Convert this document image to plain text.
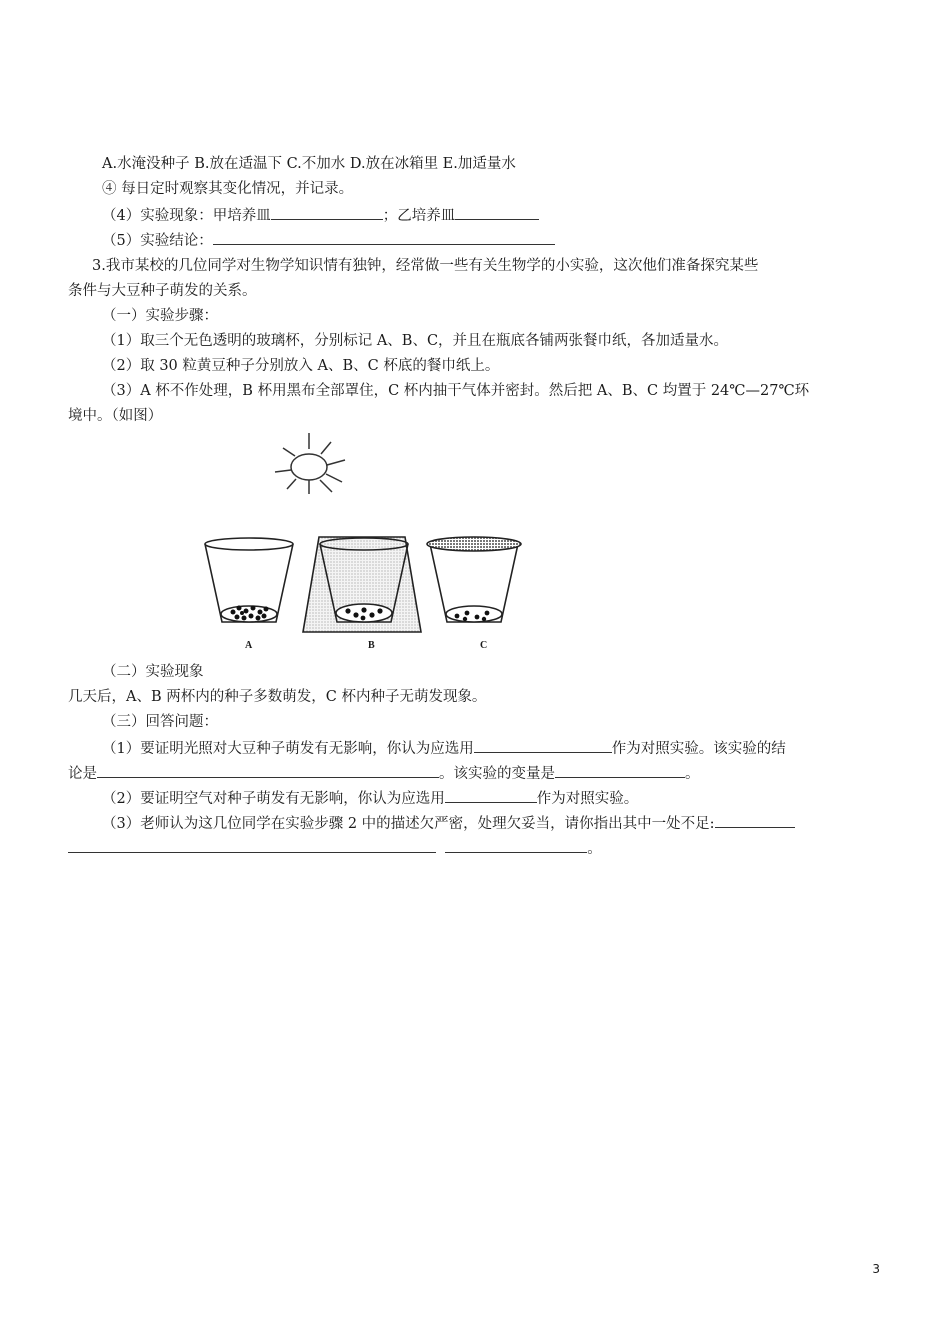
A.水淹没种子 B.放在适温下 C.不加水 D.放在冰箱里 E.加适量水
④ 每日定时观察其变化情况，并记录。
（4）实验现象：甲培养皿	；乙培养皿
（5）实验结论：
3.我市某校的几位同学对生物学知识情有独钟，经常做一些有关生物学的小实验，这次他们准备探究某些
条件与大豆种子萌发的关系。
（一）实验步骤：
（1）取三个无色透明的玻璃杯，分别标记 A、B、C，并且在瓶底各铺两张餐巾纸，各加适量水。
（2）取 30 粒黄豆种子分别放入 A、B、C 杯底的餐巾纸上。
（3）A 杯不作处理，B 杯用黑布全部罩住，C 杯内抽干气体并密封。然后把 A、B、C 均置于 24℃—27℃环
境中。（如图）
A	B	C
（二）实验现象
几天后，A、B 两杯内的种子多数萌发，C 杯内种子无萌发现象。
（三）回答问题：
（1）要证明光照对大豆种子萌发有无影响，你认为应选用	作为对照实验。该实验的结
论是	。该实验的变量是	。
（2）要证明空气对种子萌发有无影响，你认为应选用	作为对照实验。
（3）老师认为这几位同学在实验步骤 2 中的描述欠严密，处理欠妥当，请你指出其中一处不足:
。
3
